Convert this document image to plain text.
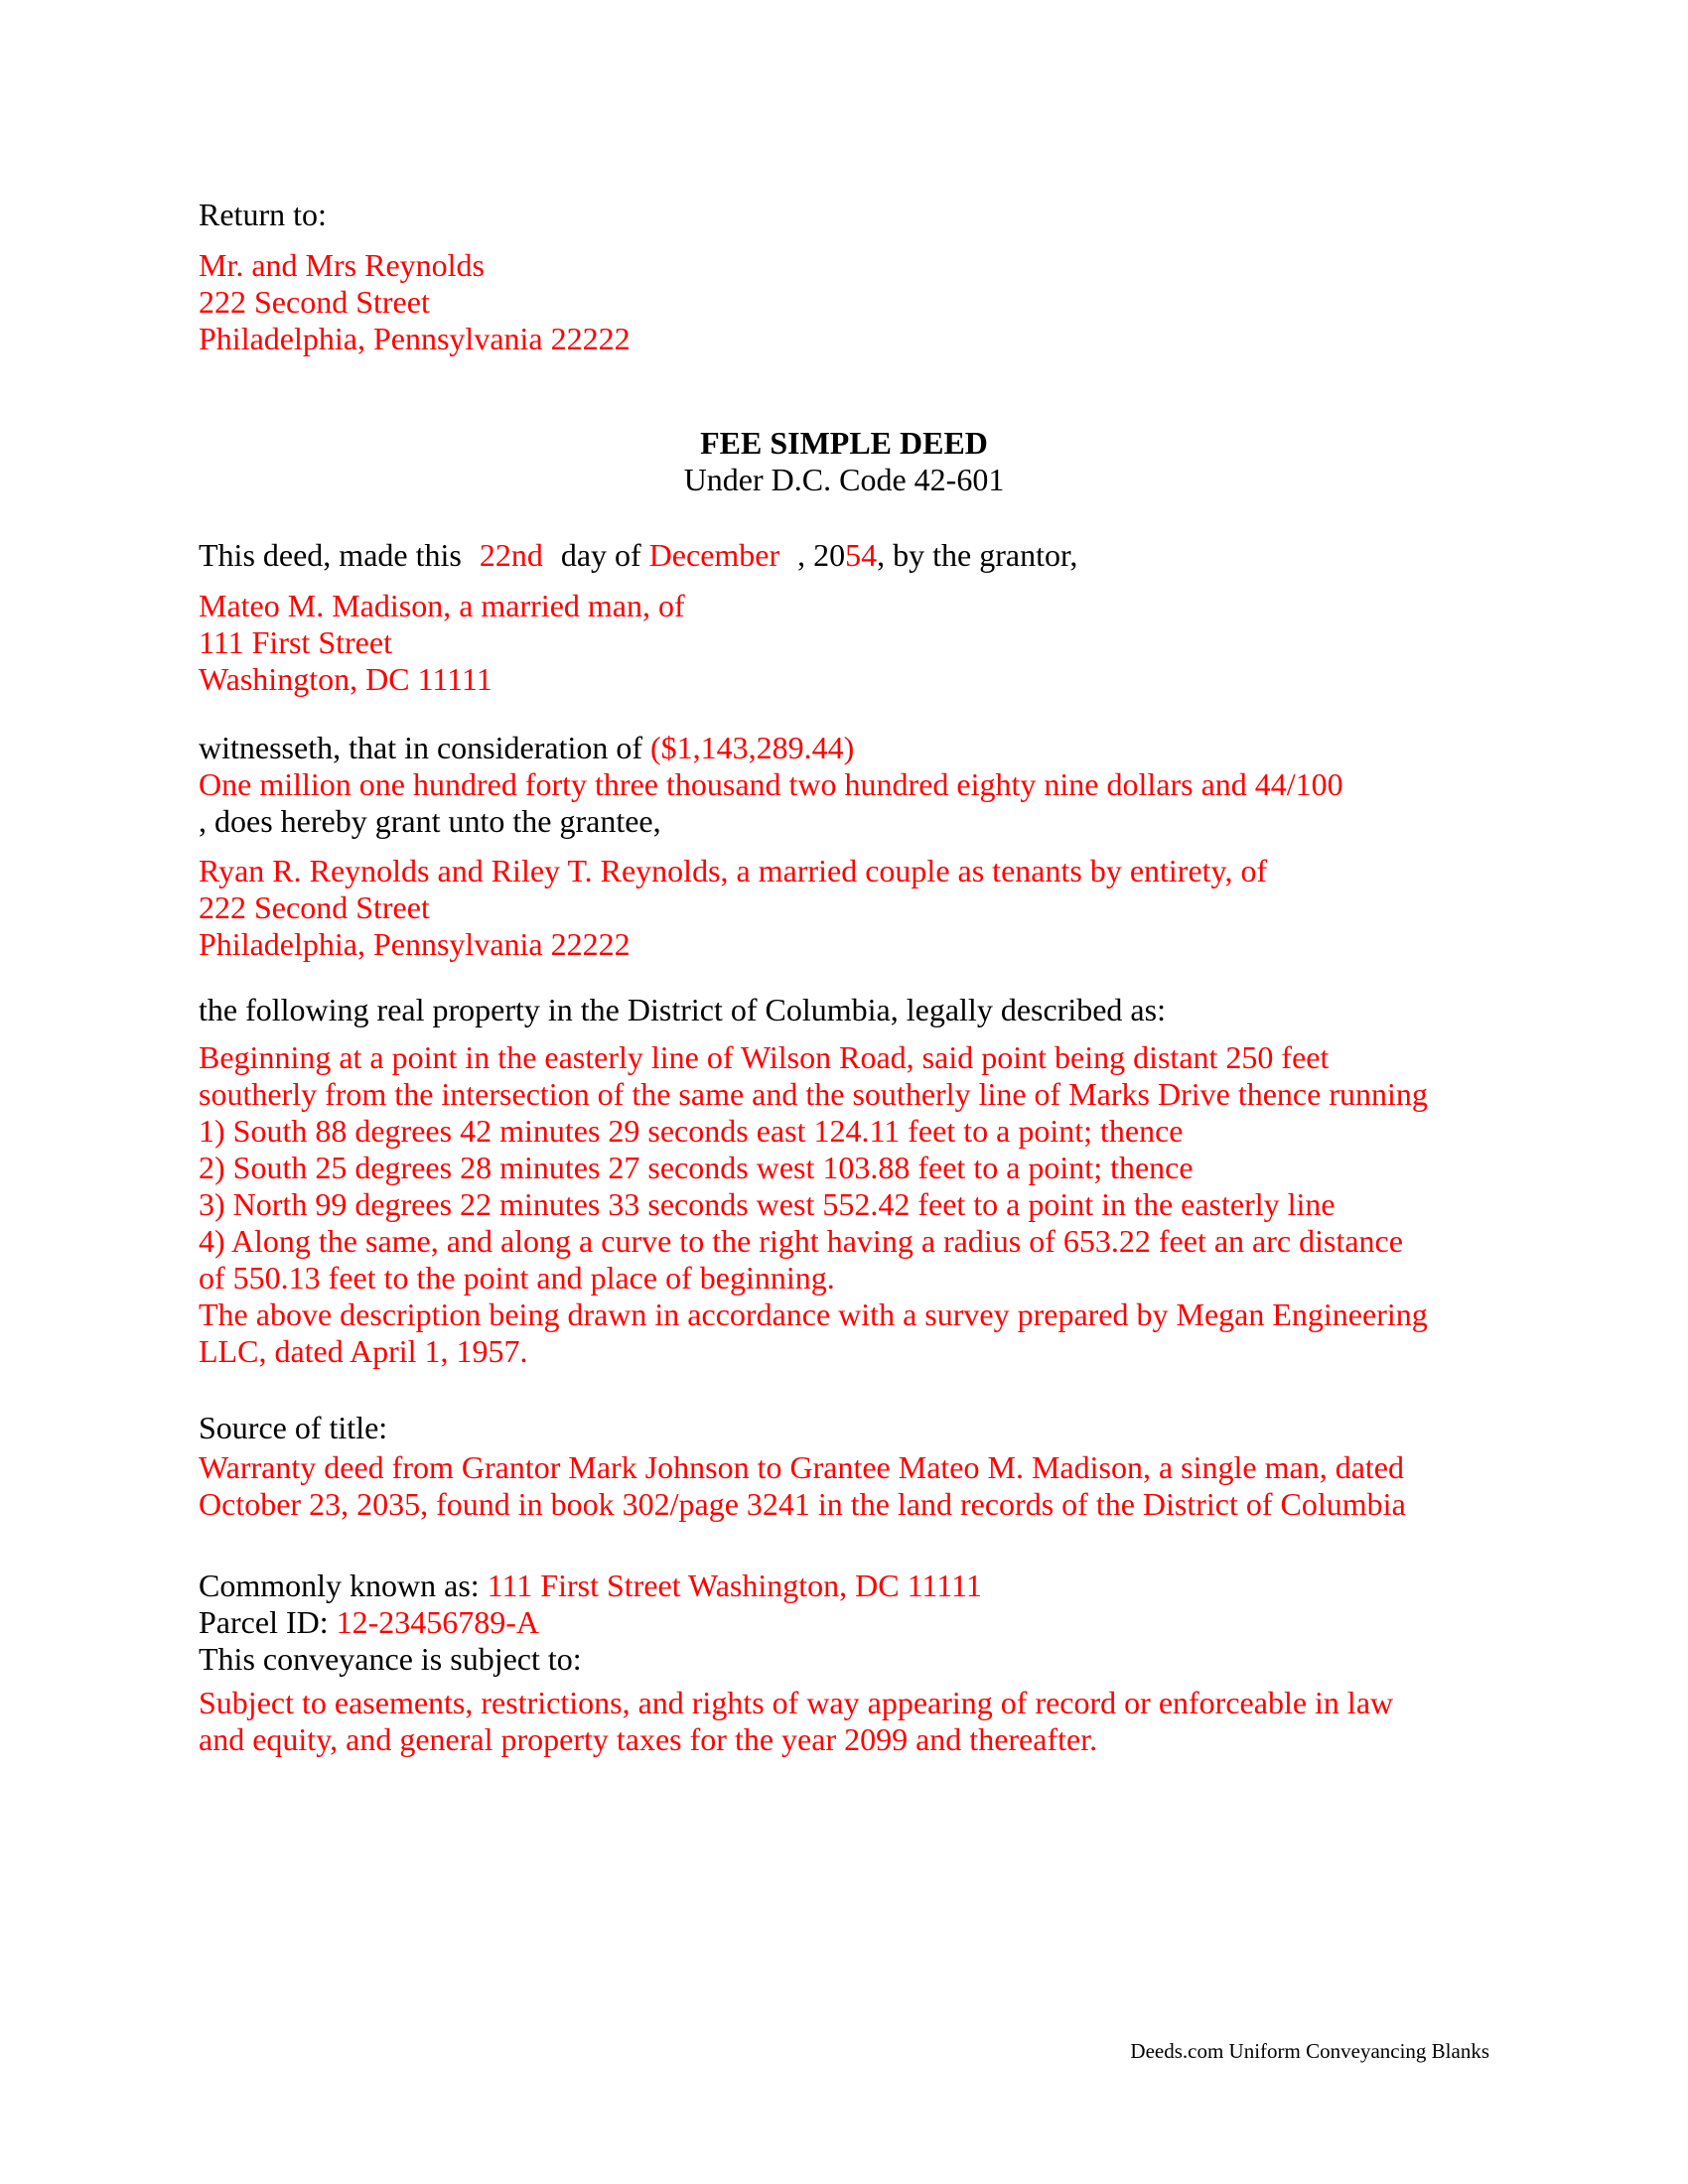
Return to:
Mr. and Mrs Reynolds
222 Second Street
Philadelphia, Pennsylvania 22222
FEE SIMPLE DEED
Under D.C. Code 42-601
This deed, made this 22nd day of December , 2054, by the grantor,
Mateo M. Madison, a married man, of
111 First Street
Washington, DC 11111
witnesseth, that in consideration of ($1,143,289.44)
One million one hundred forty three thousand two hundred eighty nine dollars and 44/100
, does hereby grant unto the grantee,
Ryan R. Reynolds and Riley T. Reynolds, a married couple as tenants by entirety, of
222 Second Street
Philadelphia, Pennsylvania 22222
the following real property in the District of Columbia, legally described as:
Beginning at a point in the easterly line of Wilson Road, said point being distant 250 feet
southerly from the intersection of the same and the southerly line of Marks Drive thence running
1) South 88 degrees 42 minutes 29 seconds east 124.11 feet to a point; thence
2) South 25 degrees 28 minutes 27 seconds west 103.88 feet to a point; thence
3) North 99 degrees 22 minutes 33 seconds west 552.42 feet to a point in the easterly line
4) Along the same, and along a curve to the right having a radius of 653.22 feet an arc distance
of 550.13 feet to the point and place of beginning.
The above description being drawn in accordance with a survey prepared by Megan Engineering
LLC, dated April 1, 1957.
Source of title:
Warranty deed from Grantor Mark Johnson to Grantee Mateo M. Madison, a single man, dated
October 23, 2035, found in book 302/page 3241 in the land records of the District of Columbia
Commonly known as: 111 First Street Washington, DC 11111
Parcel ID: 12-23456789-A
This conveyance is subject to:
Subject to easements, restrictions, and rights of way appearing of record or enforceable in law
and equity, and general property taxes for the year 2099 and thereafter.
Deeds.com Uniform Conveyancing Blanks
